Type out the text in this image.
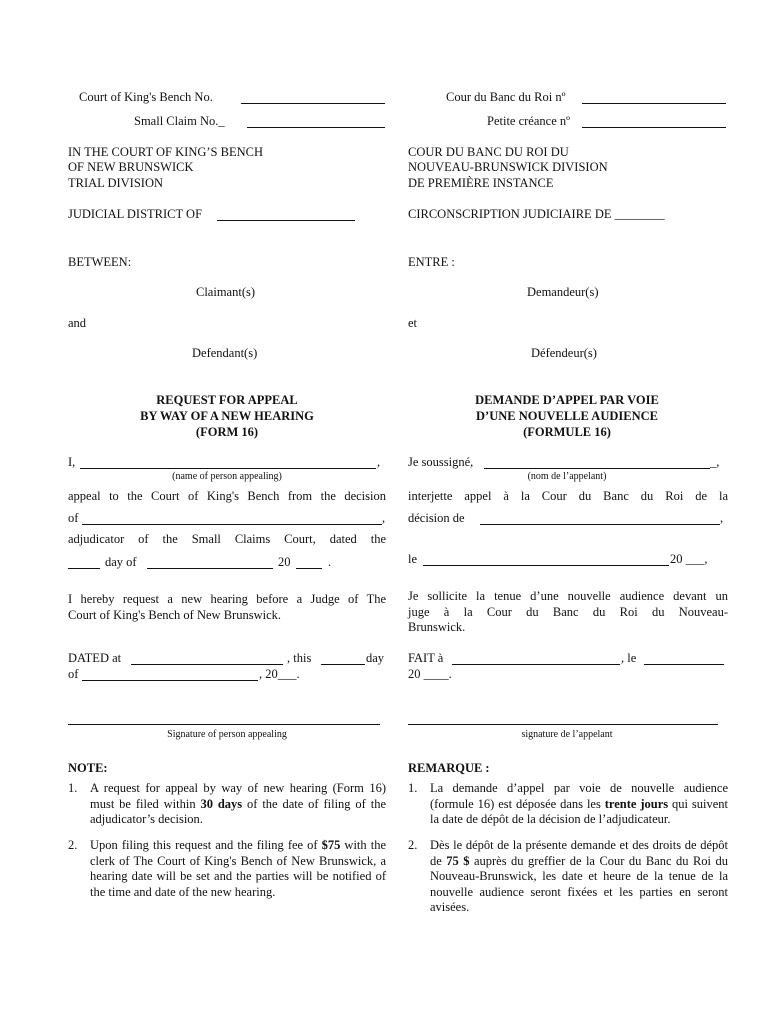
Court of King's Bench No.
Small Claim No._
Cour du Banc du Roi nº
Petite créance nº
IN THE COURT OF KING’S BENCH
OF NEW BRUNSWICK
TRIAL DIVISION
COUR DU BANC DU ROI DU
NOUVEAU-BRUNSWICK DIVISION
DE PREMIÈRE INSTANCE
JUDICIAL DISTRICT OF	CIRCONSCRIPTION JUDICIAIRE DE ________
BETWEEN:	ENTRE :
Claimant(s)	Demandeur(s)
and	et
Defendant(s)	Défendeur(s)
REQUEST FOR APPEAL
BY WAY OF A NEW HEARING
(FORM 16)
DEMANDE D’APPEL PAR VOIE
D’UNE NOUVELLE AUDIENCE
(FORMULE 16)
I,	,
(name of person appealing)
appeal to the Court of King's Bench from the decision
of	,
adjudicator of the Small Claims Court, dated the
day of	20	.
I hereby request a new hearing before a Judge of The
Court of King's Bench of New Brunswick.
DATED at	, this	day
of	, 20___.
Je soussigné,	_,
(nom de l’appelant)
interjette appel à la Cour du Banc du Roi de la
décision de	,
le	20 ___,
Je sollicite la tenue d’une nouvelle audience devant un
juge à la Cour du Banc du Roi du Nouveau-
Brunswick.
FAIT à	, le
20 ____.
Signature of person appealing	signature de l’appelant
NOTE:
1. A request for appeal by way of new hearing (Form 16) must be filed within 30 days of the date of filing of the adjudicator’s decision.
2. Upon filing this request and the filing fee of $75 with the clerk of The Court of King's Bench of New Brunswick, a hearing date will be set and the parties will be notified of the time and date of the new hearing.
REMARQUE :
1. La demande d’appel par voie de nouvelle audience (formule 16) est déposée dans les trente jours qui suivent la date de dépôt de la décision de l’adjudicateur.
2. Dès le dépôt de la présente demande et des droits de dépôt de 75 $ auprès du greffier de la Cour du Banc du Roi du Nouveau-Brunswick, les date et heure de la tenue de la nouvelle audience seront fixées et les parties en seront avisées.
